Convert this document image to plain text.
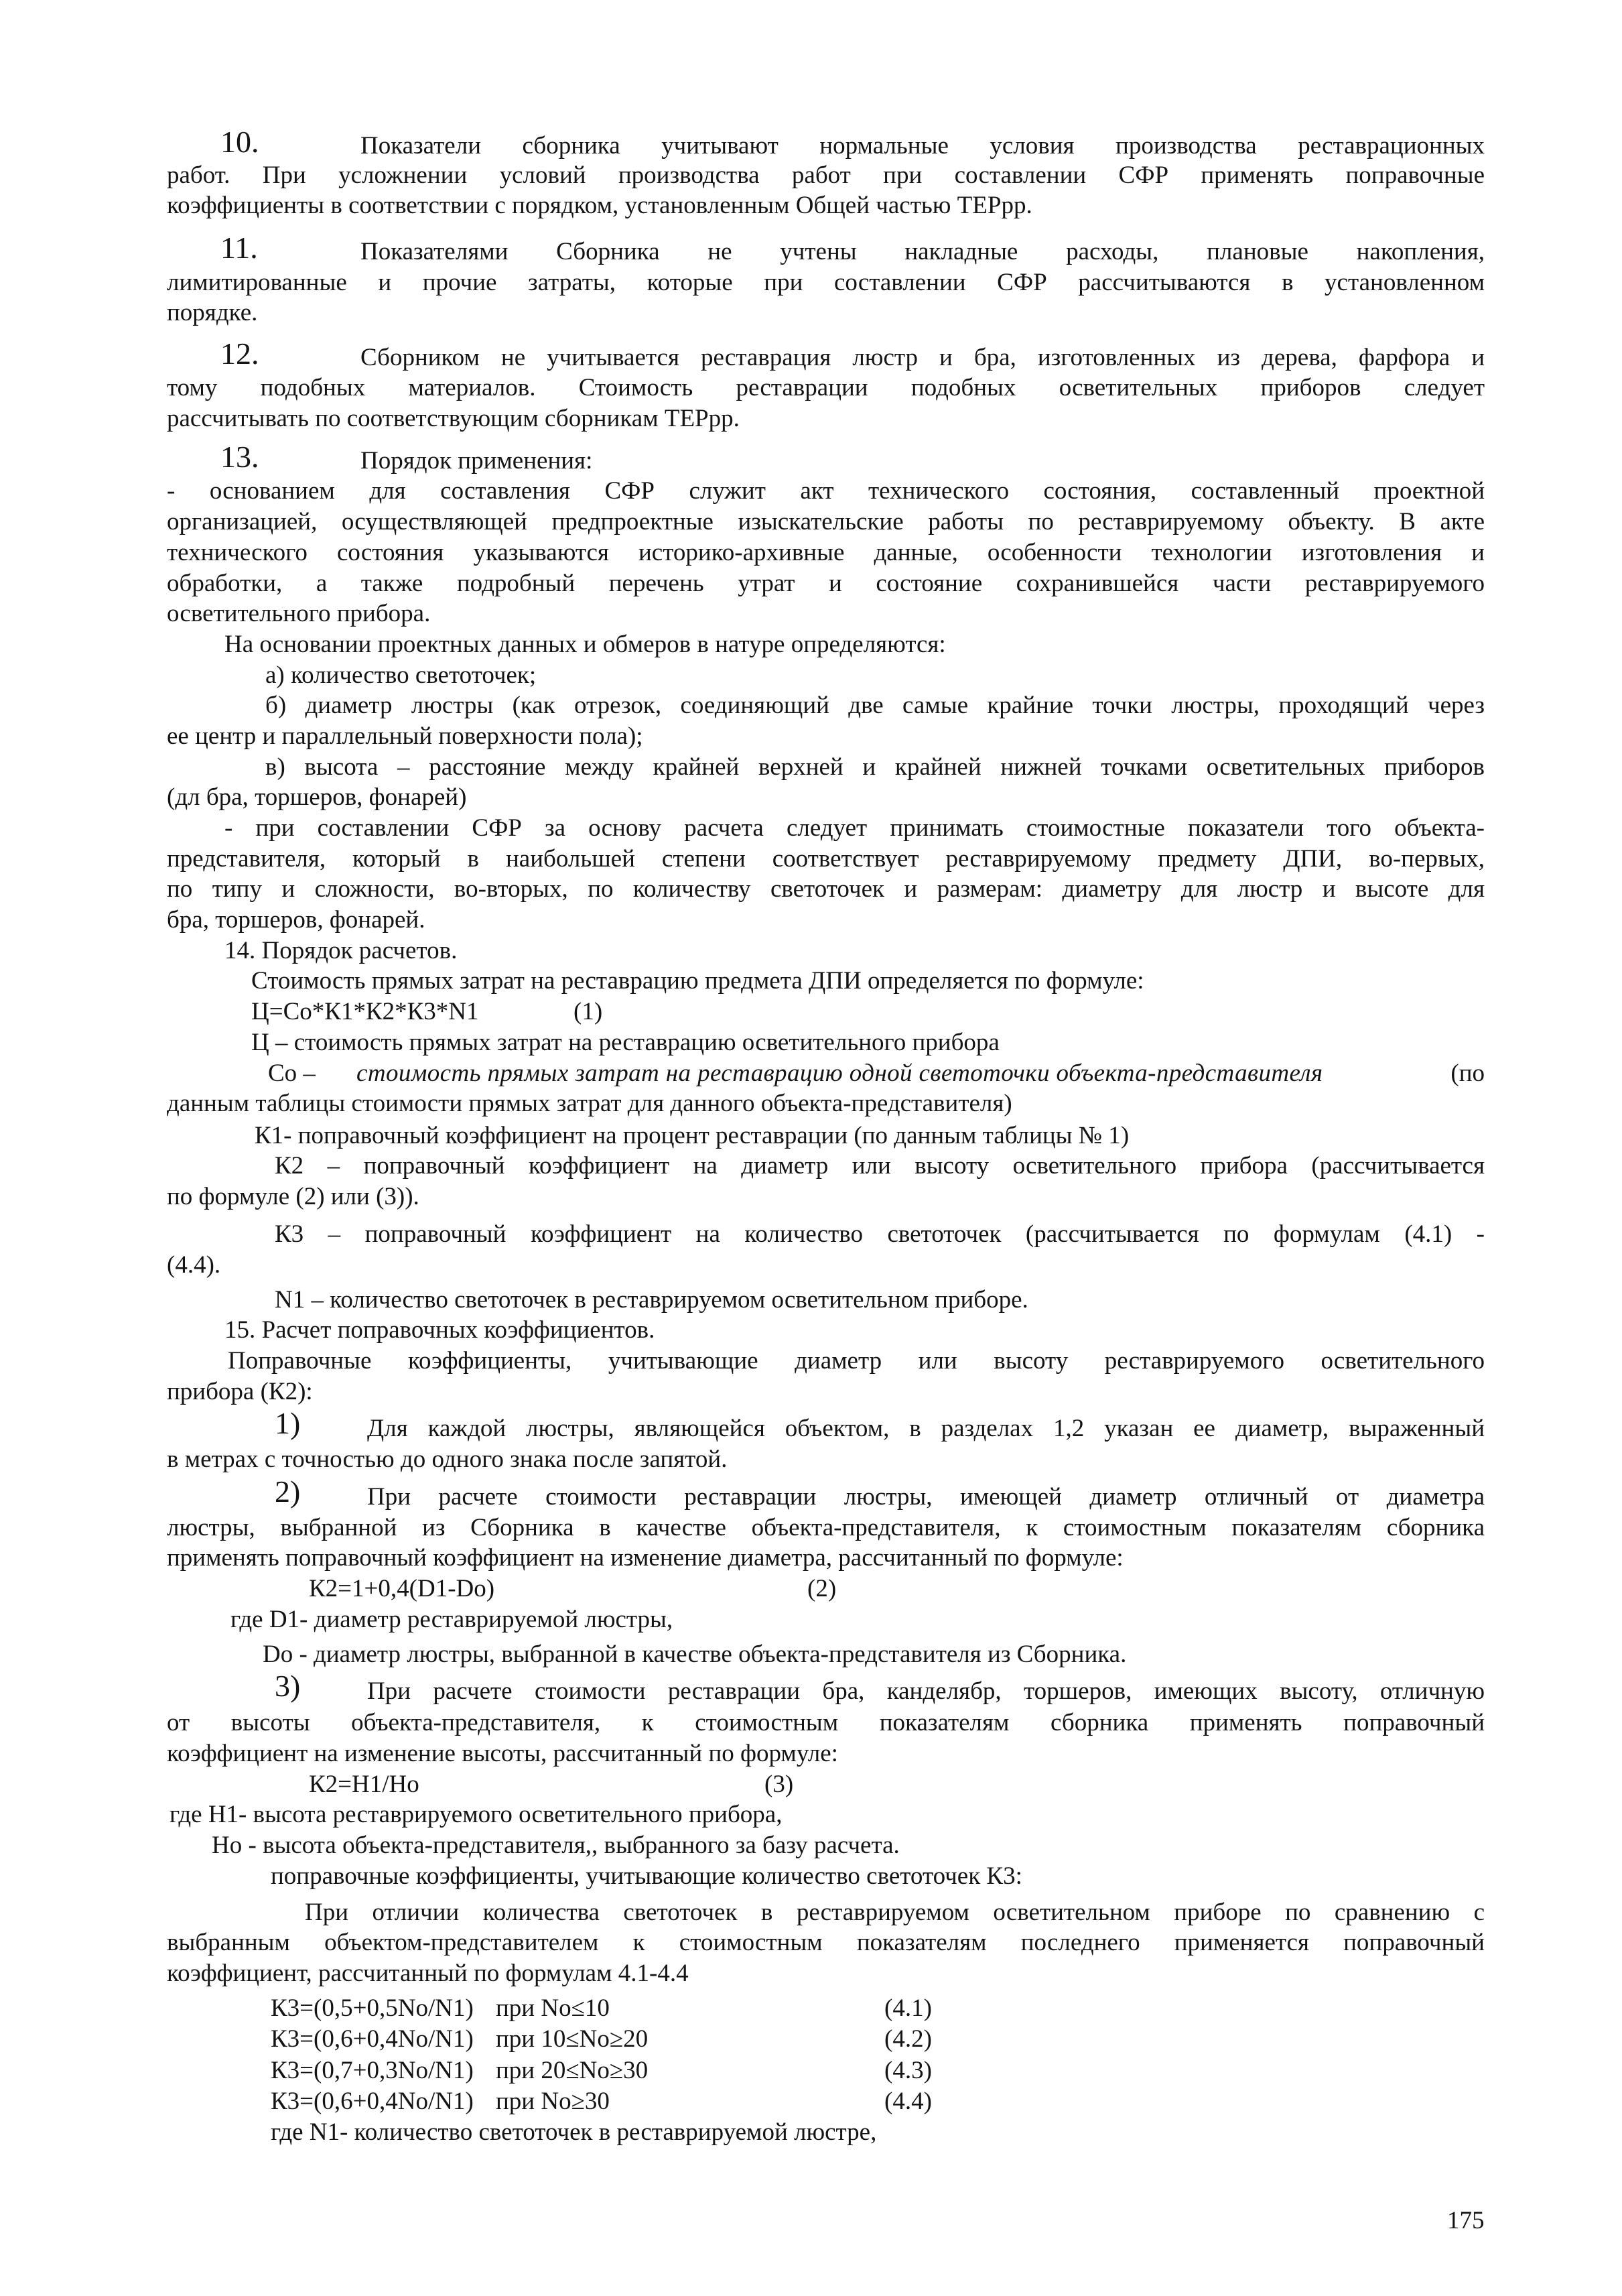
10.	Показатели сборника учитывают нормальные условия производства реставрационных
работ. При усложнении условий производства работ при составлении СФР применять поправочные
коэффициенты в соответствии с порядком, установленным Общей частью ТЕРрр.
11.	Показателями Сборника не учтены накладные расходы, плановые накопления,
лимитированные и прочие затраты, которые при составлении СФР рассчитываются в установленном
порядке.
12.	Сборником не учитывается реставрация люстр и бра, изготовленных из дерева, фарфора и
тому подобных материалов. Стоимость реставрации подобных осветительных приборов следует
рассчитывать по соответствующим сборникам ТЕРрр.
13.	Порядок применения:
- основанием для составления СФР служит акт технического состояния, составленный проектной
организацией, осуществляющей предпроектные изыскательские работы по реставрируемому объекту. В акте
технического состояния указываются историко-архивные данные, особенности технологии изготовления и
обработки, а также подробный перечень утрат и состояние сохранившейся части реставрируемого
осветительного прибора.
На основании проектных данных и обмеров в натуре определяются:
а) количество светоточек;
б) диаметр люстры (как отрезок, соединяющий две самые крайние точки люстры, проходящий через
ее центр и параллельный поверхности пола);
в) высота – расстояние между крайней верхней и крайней нижней точками осветительных приборов
(дл бра, торшеров, фонарей)
- при составлении СФР за основу расчета следует принимать стоимостные показатели того объекта-
представителя, который в наибольшей степени соответствует реставрируемому предмету ДПИ, во-первых,
по типу и сложности, во-вторых, по количеству светоточек и размерам: диаметру для люстр и высоте для
бра, торшеров, фонарей.
14. Порядок расчетов.
Стоимость прямых затрат на реставрацию предмета ДПИ определяется по формуле:
Ц=Со*К1*К2*К3*N1	(1)
Ц – стоимость прямых затрат на реставрацию осветительного прибора
Со – стоимость прямых затрат на реставрацию одной светоточки объекта-представителя	(по
данным таблицы стоимости прямых затрат для данного объекта-представителя)
К1- поправочный коэффициент на процент реставрации (по данным таблицы № 1)
К2 – поправочный коэффициент на диаметр или высоту осветительного прибора (рассчитывается
по формуле (2) или (3)).
К3 – поправочный коэффициент на количество светоточек (рассчитывается по формулам (4.1) -
(4.4).
N1 – количество светоточек в реставрируемом осветительном приборе.
15. Расчет поправочных коэффициентов.
Поправочные коэффициенты, учитывающие диаметр или высоту реставрируемого осветительного
прибора (К2):
1)	Для каждой люстры, являющейся объектом, в разделах 1,2 указан ее диаметр, выраженный
в метрах с точностью до одного знака после запятой.
2)	При расчете стоимости реставрации люстры, имеющей диаметр отличный от диаметра
люстры, выбранной из Сборника в качестве объекта-представителя, к стоимостным показателям сборника
применять поправочный коэффициент на изменение диаметра, рассчитанный по формуле:
К2=1+0,4(D1-Do)	(2)
где D1- диаметр реставрируемой люстры,
Do - диаметр люстры, выбранной в качестве объекта-представителя из Сборника.
3)	При расчете стоимости реставрации бра, канделябр, торшеров, имеющих высоту, отличную
от высоты объекта-представителя, к стоимостным показателям сборника применять поправочный
коэффициент на изменение высоты, рассчитанный по формуле:
К2=Н1/Но	(3)
где Н1- высота реставрируемого осветительного прибора,
Но - высота объекта-представителя,, выбранного за базу расчета.
поправочные коэффициенты, учитывающие количество светоточек К3:
При отличии количества светоточек в реставрируемом осветительном приборе по сравнению с
выбранным объектом-представителем к стоимостным показателям последнего применяется поправочный
коэффициент, рассчитанный по формулам 4.1-4.4
К3=(0,5+0,5No/N1) при No≤10	(4.1)
К3=(0,6+0,4No/N1) при 10≤No≥20	(4.2)
К3=(0,7+0,3No/N1) при 20≤No≥30	(4.3)
К3=(0,6+0,4No/N1) при No≥30	(4.4)
где N1- количество светоточек в реставрируемой люстре,
175
